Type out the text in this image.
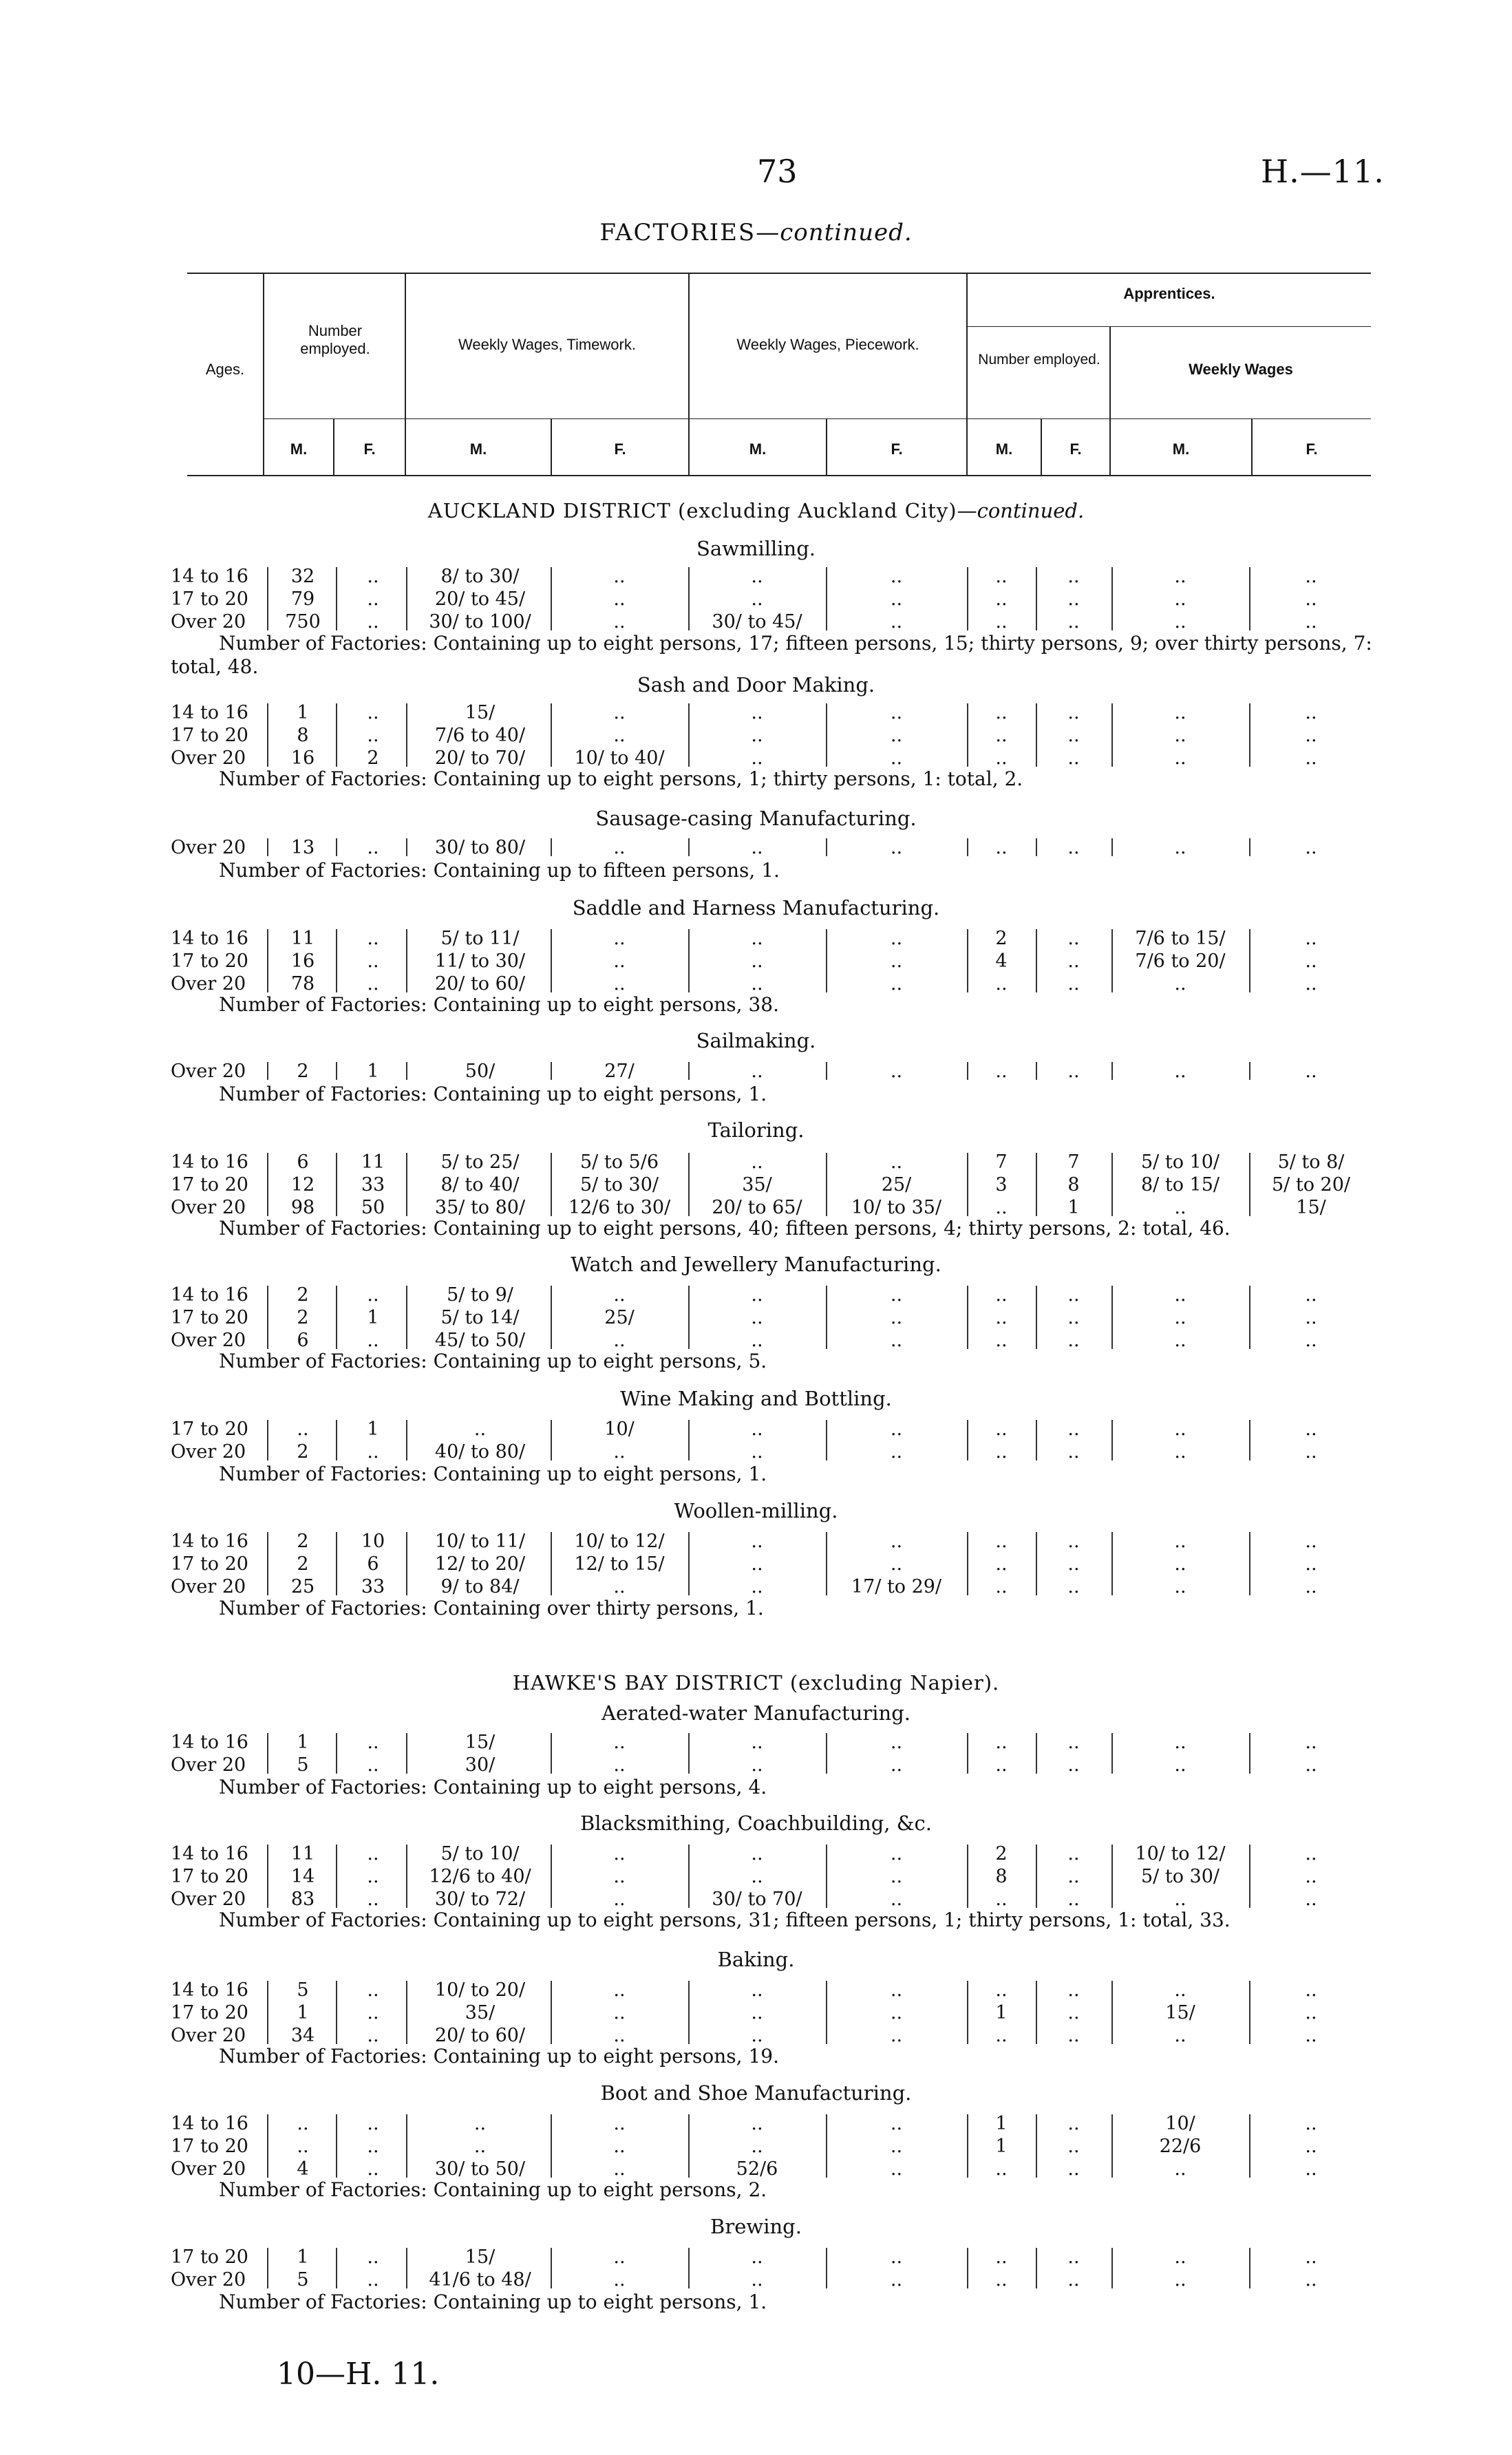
73	H.—11.
FACTORIES—continued.
Ages.
Number employed.	Weekly Wages, Timework.	Weekly Wages, Piecework.
Apprentices.
Number employed.
Weekly Wages
M.	F.	M.	F.	M.	F.	M.	F.	M.	F.
AUCKLAND DISTRICT (excluding Auckland City)—continued.
Sawmilling.
14 to 16	32	..	8/ to 30/	..	..	..	..	..	..	..
17 to 20	79	..	20/ to 45/	..	..	..	..	..	..	..
Over 20	750	..	30/ to 100/	..	30/ to 45/	..	..	..	..	..
Number of Factories: Containing up to eight persons, 17; fifteen persons, 15; thirty persons, 9; over thirty persons, 7: total, 48.
Sash and Door Making.
14 to 16	1	..	15/	..	..	..	..	..	..	..
17 to 20	8	..	7/6 to 40/	..	..	..	..	..	..	..
Over 20	16	2	20/ to 70/	10/ to 40/	..	..	..	..	..	..
Number of Factories: Containing up to eight persons, 1; thirty persons, 1: total, 2.
Sausage-casing Manufacturing.
Over 20	13	..	30/ to 80/	..	..	..	..	..	..	..
Number of Factories: Containing up to fifteen persons, 1.
Saddle and Harness Manufacturing.
14 to 16	11	..	5/ to 11/	..	..	..	2	..	7/6 to 15/	..
17 to 20	16	..	11/ to 30/	..	..	..	4	..	7/6 to 20/	..
Over 20	78	..	20/ to 60/	..	..	..	..	..	..	..
Number of Factories: Containing up to eight persons, 38.
Sailmaking.
Over 20	2	1	50/	27/	..	..	..	..	..	..
Number of Factories: Containing up to eight persons, 1.
Tailoring.
14 to 16	6	11	5/ to 25/	5/ to 5/6	..	..	7	7	5/ to 10/	5/ to 8/
17 to 20	12	33	8/ to 40/	5/ to 30/	35/	25/	3	8	8/ to 15/	5/ to 20/
Over 20	98	50	35/ to 80/	12/6 to 30/	20/ to 65/	10/ to 35/	..	1	..	15/
Number of Factories: Containing up to eight persons, 40; fifteen persons, 4; thirty persons, 2: total, 46.
Watch and Jewellery Manufacturing.
14 to 16	2	..	5/ to 9/	..	..	..	..	..	..	..
17 to 20	2	1	5/ to 14/	25/	..	..	..	..	..	..
Over 20	6	..	45/ to 50/	..	..	..	..	..	..	..
Number of Factories: Containing up to eight persons, 5.
Wine Making and Bottling.
17 to 20	..	1	..	10/	..	..	..	..	..	..
Over 20	2	..	40/ to 80/	..	..	..	..	..	..	..
Number of Factories: Containing up to eight persons, 1.
Woollen-milling.
14 to 16	2	10	10/ to 11/	10/ to 12/	..	..	..	..	..	..
17 to 20	2	6	12/ to 20/	12/ to 15/	..	..	..	..	..	..
Over 20	25	33	9/ to 84/	..	..	17/ to 29/	..	..	..	..
Number of Factories: Containing over thirty persons, 1.
HAWKE'S BAY DISTRICT (excluding Napier).
Aerated-water Manufacturing.
14 to 16	1	..	15/	..	..	..	..	..	..	..
Over 20	5	..	30/	..	..	..	..	..	..	..
Number of Factories: Containing up to eight persons, 4.
Blacksmithing, Coachbuilding, &c.
14 to 16	11	..	5/ to 10/	..	..	..	2	..	10/ to 12/	..
17 to 20	14	..	12/6 to 40/	..	..	..	8	..	5/ to 30/	..
Over 20	83	..	30/ to 72/	..	30/ to 70/	..	..	..	..	..
Number of Factories: Containing up to eight persons, 31; fifteen persons, 1; thirty persons, 1: total, 33.
Baking.
14 to 16	5	..	10/ to 20/	..	..	..	..	..	..	..
17 to 20	1	..	35/	..	..	..	1	..	15/	..
Over 20	34	..	20/ to 60/	..	..	..	..	..	..	..
Number of Factories: Containing up to eight persons, 19.
Boot and Shoe Manufacturing.
14 to 16	..	..	..	..	..	..	1	..	10/	..
17 to 20	..	..	..	..	..	..	1	..	22/6	..
Over 20	4	..	30/ to 50/	..	52/6	..	..	..	..	..
Number of Factories: Containing up to eight persons, 2.
Brewing.
17 to 20	1	..	15/	..	..	..	..	..	..	..
Over 20	5	..	41/6 to 48/	..	..	..	..	..	..	..
Number of Factories: Containing up to eight persons, 1.
10—H. 11.
